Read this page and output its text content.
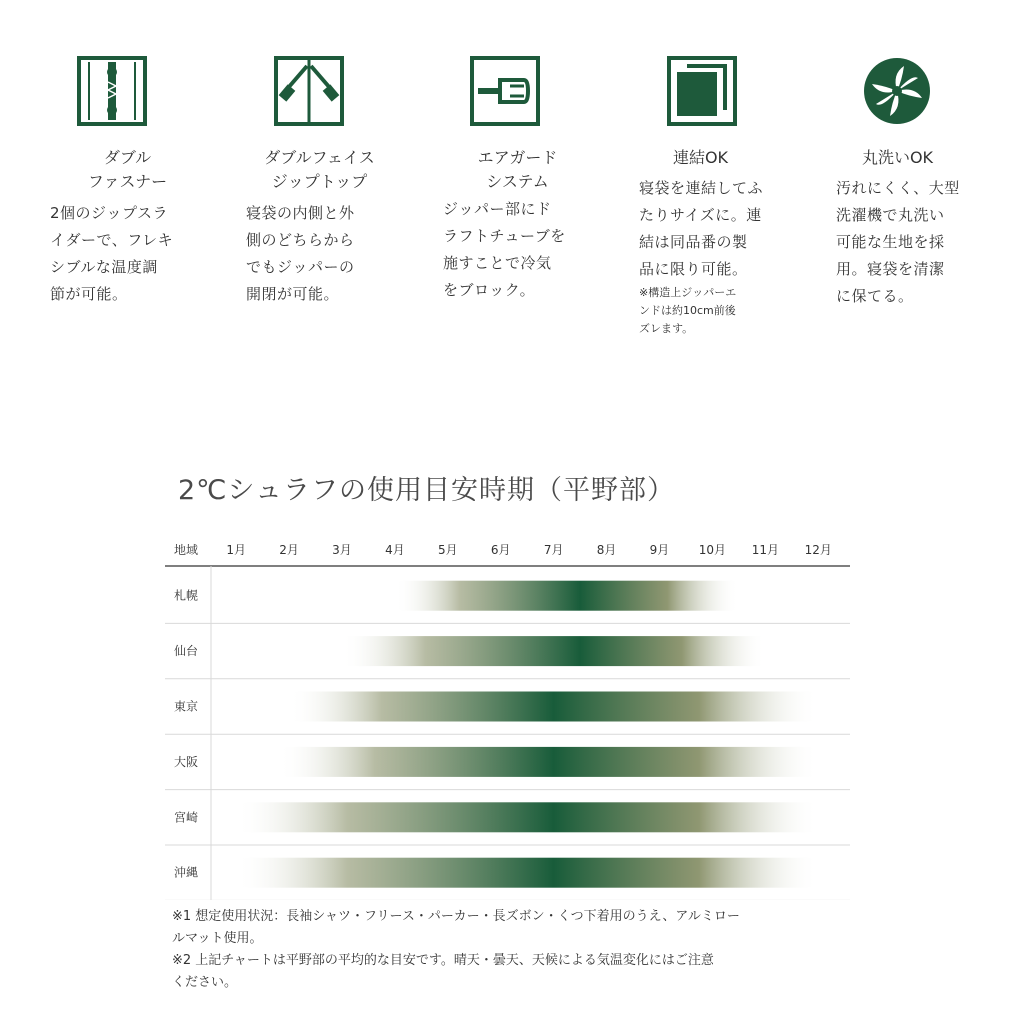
ダブル
ファスナー
2個のジップスラ
イダーで、フレキ
シブルな温度調
節が可能。
ダブルフェイス
ジップトップ
寝袋の内側と外
側のどちらから
でもジッパーの
開閉が可能。
エアガード
システム
ジッパー部にド
ラフトチューブを
施すことで冷気
をブロック。
連結OK
寝袋を連結してふ
たりサイズに。連
結は同品番の製
品に限り可能。
※構造上ジッパーエ
ンドは約10cm前後
ズレます。
丸洗いOK
汚れにくく、大型
洗濯機で丸洗い
可能な生地を採
用。寝袋を清潔
に保てる。
2℃シュラフの使用目安時期（平野部）
地域 1月	2月	3月	4月	5月	6月	7月	8月	9月 10月 11月 12月
札幌
仙台
東京
大阪
宮崎
沖縄
※1 想定使用状況：長袖シャツ・フリース・パーカー・長ズボン・くつ下着用のうえ、アルミロー
ルマット使用。
※2 上記チャートは平野部の平均的な目安です。晴天・曇天、天候による気温変化にはご注意
ください。
